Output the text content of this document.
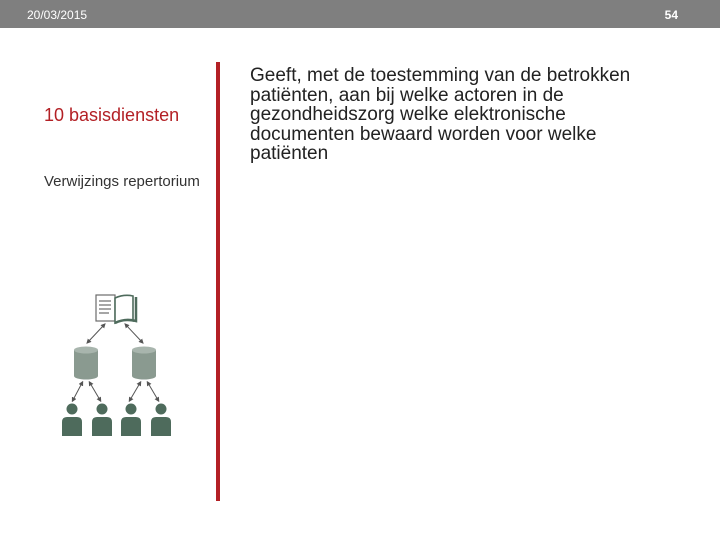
20/03/2015	54
10 basisdiensten
Verwijzings repertorium
Geeft, met de toestemming van de betrokken patiënten, aan bij welke actoren in de gezondheidszorg welke elektronische documenten bewaard worden voor welke patiënten
